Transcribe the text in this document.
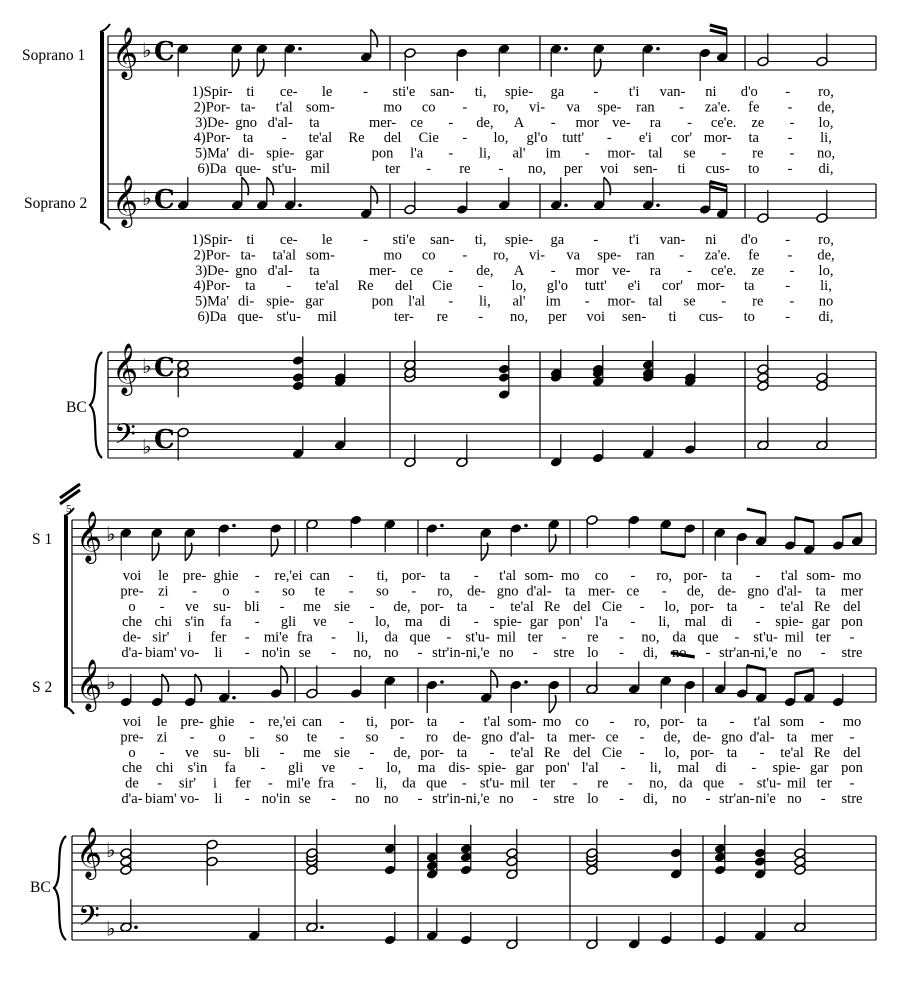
Soprano 1
Soprano 2
BC
𝄞 ♭ C
𝄞 ♭ C
𝄞 ♭ C
𝄢 ♭ C
1)Spir- ti ce- le - sti'e san- ti, spie- ga - t'i van- ni d'o - ro,
2)Por- ta- t'al som-	mo co - ro, vi- va spe- ran - za'e. fe - de,
3)De- gno d'al- ta	mer- ce - de, A - mor ve- ra - ce'e. ze - lo,
4)Por- ta - te'al Re del Cie - lo, gl'o tutt' - e'i cor' mor- ta - li,
5)Ma' di- spie- gar	pon l'a - li, al' im - mor- tal se - re - no,
6)Da que- st'u- mil	ter - re - no, per voi sen- ti cus- to - di,
1)Spir- ti ce- le - sti'e san- ti, spie- ga - t'i van- ni d'o - ro,
2)Por- ta- ta'al som-	mo co - ro, vi- va spe- ran - za'e. fe - de,
3)De- gno d'al- ta	mer- ce - de, A - mor ve- ra - ce'e. ze - lo,
4)Por- ta - te'al Re del Cie - lo, gl'o tutt' e'i cor' mor- ta - li,
5)Ma' di- spie- gar	pon l'al - li, al' im - mor- tal se - re - no
6)Da que- st'u- mil	ter- re - no, per voi sen- ti cus- to - di,
S 1
S 2
BC
5
𝄞 ♭
𝄞 ♭
𝄞 ♭
𝄢 ♭
voi le pre- ghie - re,'ei can - ti, por- ta - t'al som- mo co - ro, por- ta - t'al som- mo
pre- zi - o - so te - so - ro, de- gno d'al- ta mer- ce - de, de- gno d'al- ta mer
o - ve su- bli - me sie - de, por- ta - te'al Re del Cie - lo, por- ta - te'al Re del
che chi s'in fa - gli ve - lo, ma di - spie- gar pon' l'a - li, mal di - spie- gar pon
de- sir' i fer - mi'e fra - li, da que - st'u- mil ter - re - no, da que - st'u- mil ter -
d'a- biam' vo- li - no'in se - no, no - str'in- ni,'e no - stre lo - di, no - str'an- ni,'e no - stre
voi le pre- ghie - re,'ei can - ti, por- ta - t'al som- mo co - ro, por- ta - t'al som - mo
pre- zi - o - so te - so - ro de- gno d'al- ta mer- ce - de, de- gno d'al- ta mer -
o - ve su- bli - me sie - de, por- ta - te'al Re del Cie - lo, por- ta - te'al Re del
che chi s'in fa - gli ve - lo, ma dis- spie- gar pon' l'al - li, mal di - spie- gar pon
de - sir' i fer - mi'e fra - li, da que - st'u- mil ter - re - no, da que - st'u- mil ter -
d'a- biam' vo- li - no'in se - no no - str'in- ni,'e no - stre lo - di, no - str'an- ni'e no - stre
